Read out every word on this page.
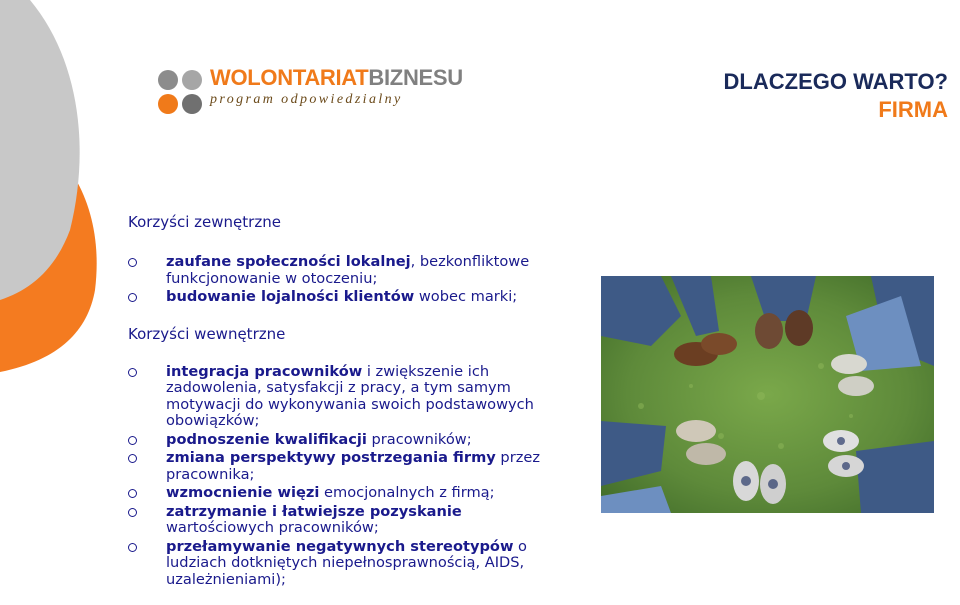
WOLONTARIATBIZNESU
program odpowiedzialny
DLACZEGO WARTO?
FIRMA

Korzyści zewnętrzne

zaufane społeczności lokalnej, bezkonfliktowe funkcjonowanie w otoczeniu;
budowanie lojalności klientów wobec marki;

Korzyści wewnętrzne

integracja pracowników i zwiększenie ich zadowolenia, satysfakcji z pracy, a tym samym motywacji do wykonywania swoich podstawowych obowiązków;
podnoszenie kwalifikacji pracowników;
zmiana perspektywy postrzegania firmy przez pracownika;
wzmocnienie więzi emocjonalnych z firmą;
zatrzymanie i łatwiejsze pozyskanie wartościowych pracowników;
przełamywanie negatywnych stereotypów o ludziach dotkniętych niepełnosprawnością, AIDS, uzależnieniami);
